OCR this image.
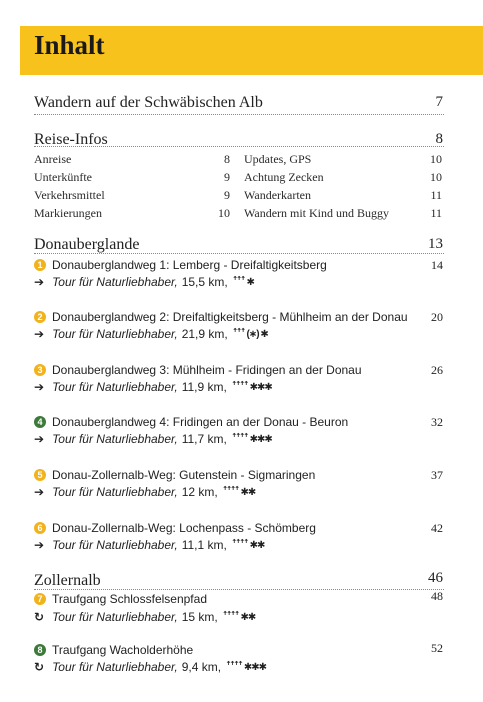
Inhalt
Wandern auf der Schwäbischen Alb	7
Reise-Infos	8
Anreise	8
Unterkünfte	9
Verkehrsmittel	9
Markierungen	10
Updates, GPS	10
Achtung Zecken	10
Wanderkarten	11
Wandern mit Kind und Buggy	11
Donauberglande	13
1 Donauberglandweg 1: Lemberg - Dreifaltigkeitsberg	14
➔ Tour für Naturliebhaber, 15,5 km, ꜛꜛꜛ ✱
2 Donauberglandweg 2: Dreifaltigkeitsberg - Mühlheim an der Donau 20
➔ Tour für Naturliebhaber, 21,9 km, ꜛꜛꜛ (∗) ✱
3 Donauberglandweg 3: Mühlheim - Fridingen an der Donau	26
➔ Tour für Naturliebhaber, 11,9 km, ꜛꜛꜛꜛ ✱✱✱
4 Donauberglandweg 4: Fridingen an der Donau - Beuron	32
➔ Tour für Naturliebhaber, 11,7 km, ꜛꜛꜛꜛ ✱✱✱
5 Donau-Zollernalb-Weg: Gutenstein - Sigmaringen	37
➔ Tour für Naturliebhaber, 12 km, ꜛꜛꜛꜛ ✱✱
6 Donau-Zollernalb-Weg: Lochenpass - Schömberg	42
➔ Tour für Naturliebhaber, 11,1 km, ꜛꜛꜛꜛ ✱✱
Zollernalb	46
7 Traufgang Schlossfelsenpfad	48
↻ Tour für Naturliebhaber, 15 km, ꜛꜛꜛꜛ ✱✱
8 Traufgang Wacholderhöhe	52
↻ Tour für Naturliebhaber, 9,4 km, ꜛꜛꜛꜛ ✱✱✱
